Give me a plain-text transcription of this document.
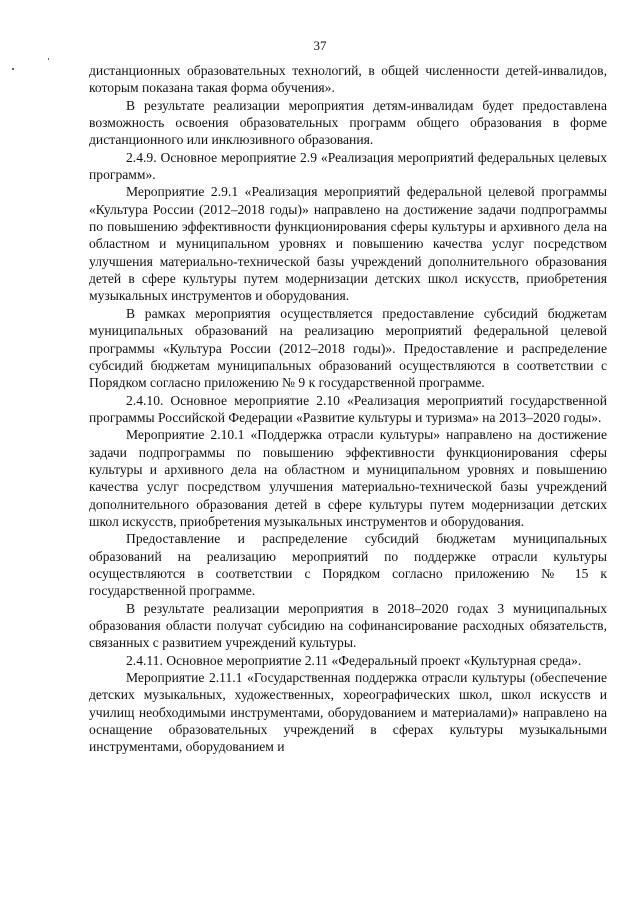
37

дистанционных образовательных технологий, в общей численности детей-инвалидов, которым показана такая форма обучения».

В результате реализации мероприятия детям-инвалидам будет предоставлена возможность освоения образовательных программ общего образования в форме дистанционного или инклюзивного образования.

2.4.9. Основное мероприятие 2.9 «Реализация мероприятий федеральных целевых программ».

Мероприятие 2.9.1 «Реализация мероприятий федеральной целевой программы «Культура России (2012–2018 годы)» направлено на достижение задачи подпрограммы по повышению эффективности функционирования сферы культуры и архивного дела на областном и муниципальном уровнях и повышению качества услуг посредством улучшения материально-технической базы учреждений дополнительного образования детей в сфере культуры путем модернизации детских школ искусств, приобретения музыкальных инструментов и оборудования.

В рамках мероприятия осуществляется предоставление субсидий бюджетам муниципальных образований на реализацию мероприятий федеральной целевой программы «Культура России (2012–2018 годы)». Предоставление и распределение субсидий бюджетам муниципальных образований осуществляются в соответствии с Порядком согласно приложению № 9 к государственной программе.

2.4.10. Основное мероприятие 2.10 «Реализация мероприятий государственной программы Российской Федерации «Развитие культуры и туризма» на 2013–2020 годы».

Мероприятие 2.10.1 «Поддержка отрасли культуры» направлено на достижение задачи подпрограммы по повышению эффективности функционирования сферы культуры и архивного дела на областном и муниципальном уровнях и повышению качества услуг посредством улучшения материально-технической базы учреждений дополнительного образования детей в сфере культуры путем модернизации детских школ искусств, приобретения музыкальных инструментов и оборудования.

Предоставление и распределение субсидий бюджетам муниципальных образований на реализацию мероприятий по поддержке отрасли культуры осуществляются в соответствии с Порядком согласно приложению № 15 к государственной программе.

В результате реализации мероприятия в 2018–2020 годах 3 муниципальных образования области получат субсидию на софинансирование расходных обязательств, связанных с развитием учреждений культуры.

2.4.11. Основное мероприятие 2.11 «Федеральный проект «Культурная среда».

Мероприятие 2.11.1 «Государственная поддержка отрасли культуры (обеспечение детских музыкальных, художественных, хореографических школ, школ искусств и училищ необходимыми инструментами, оборудованием и материалами)» направлено на оснащение образовательных учреждений в сферах культуры музыкальными инструментами, оборудованием и
